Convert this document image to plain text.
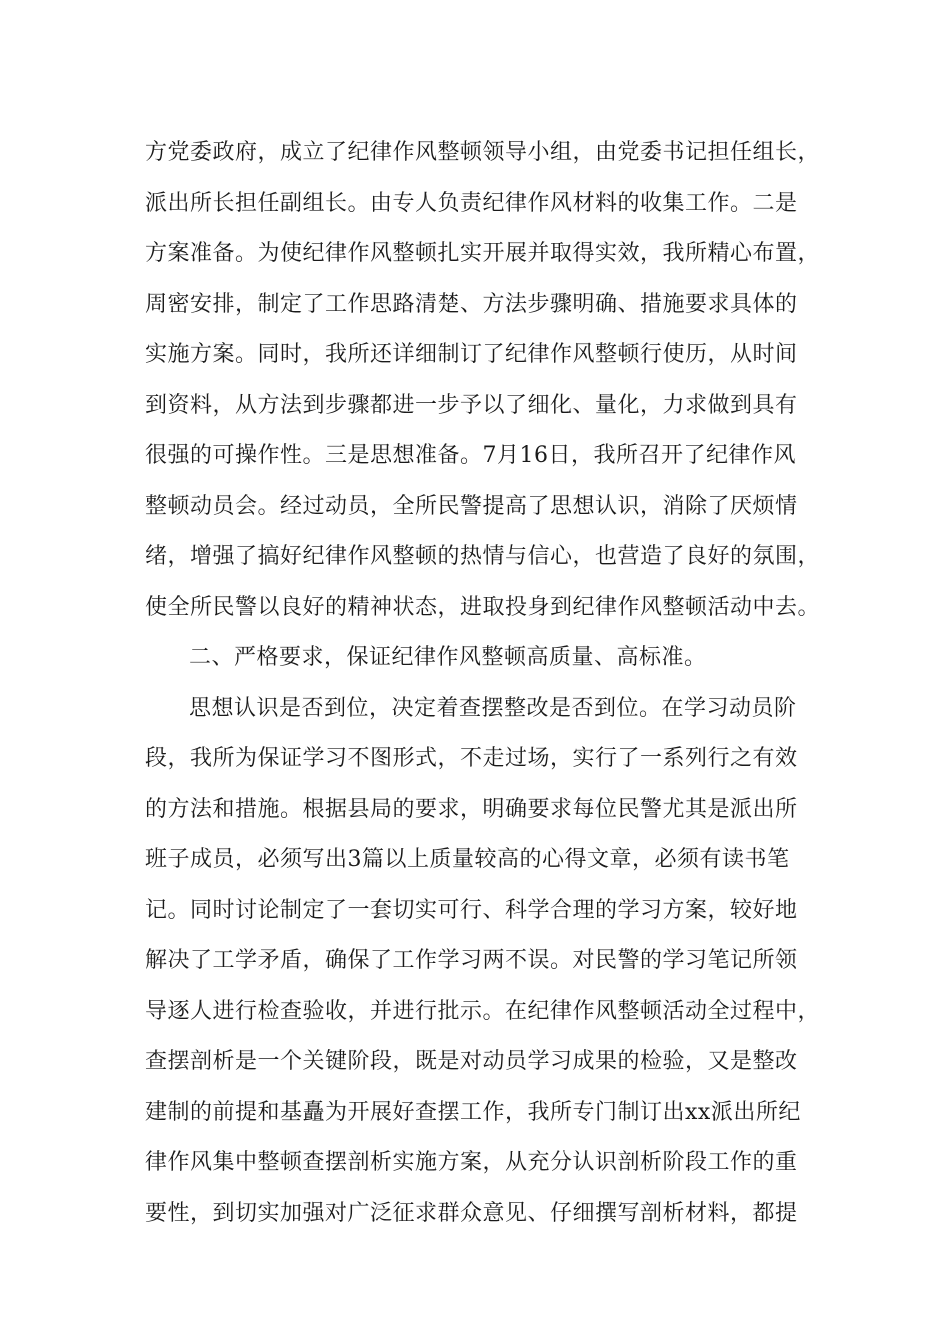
方党委政府，成立了纪律作风整顿领导小组，由党委书记担任组长，
派出所长担任副组长。由专人负责纪律作风材料的收集工作。二是
方案准备。为使纪律作风整顿扎实开展并取得实效，我所精心布置，
周密安排，制定了工作思路清楚、方法步骤明确、措施要求具体的
实施方案。同时，我所还详细制订了纪律作风整顿行使历，从时间
到资料，从方法到步骤都进一步予以了细化、量化，力求做到具有
很强的可操作性。三是思想准备。7月16日，我所召开了纪律作风
整顿动员会。经过动员，全所民警提高了思想认识，消除了厌烦情
绪，增强了搞好纪律作风整顿的热情与信心，也营造了良好的氛围，
使全所民警以良好的精神状态，进取投身到纪律作风整顿活动中去。
二、严格要求，保证纪律作风整顿高质量、高标准。
思想认识是否到位，决定着查摆整改是否到位。在学习动员阶
段，我所为保证学习不图形式，不走过场，实行了一系列行之有效
的方法和措施。根据县局的要求，明确要求每位民警尤其是派出所
班子成员，必须写出3篇以上质量较高的心得文章，必须有读书笔
记。同时讨论制定了一套切实可行、科学合理的学习方案，较好地
解决了工学矛盾，确保了工作学习两不误。对民警的学习笔记所领
导逐人进行检查验收，并进行批示。在纪律作风整顿活动全过程中，
查摆剖析是一个关键阶段，既是对动员学习成果的检验，又是整改
建制的前提和基矗为开展好查摆工作，我所专门制订出xx派出所纪
律作风集中整顿查摆剖析实施方案，从充分认识剖析阶段工作的重
要性，到切实加强对广泛征求群众意见、仔细撰写剖析材料，都提
